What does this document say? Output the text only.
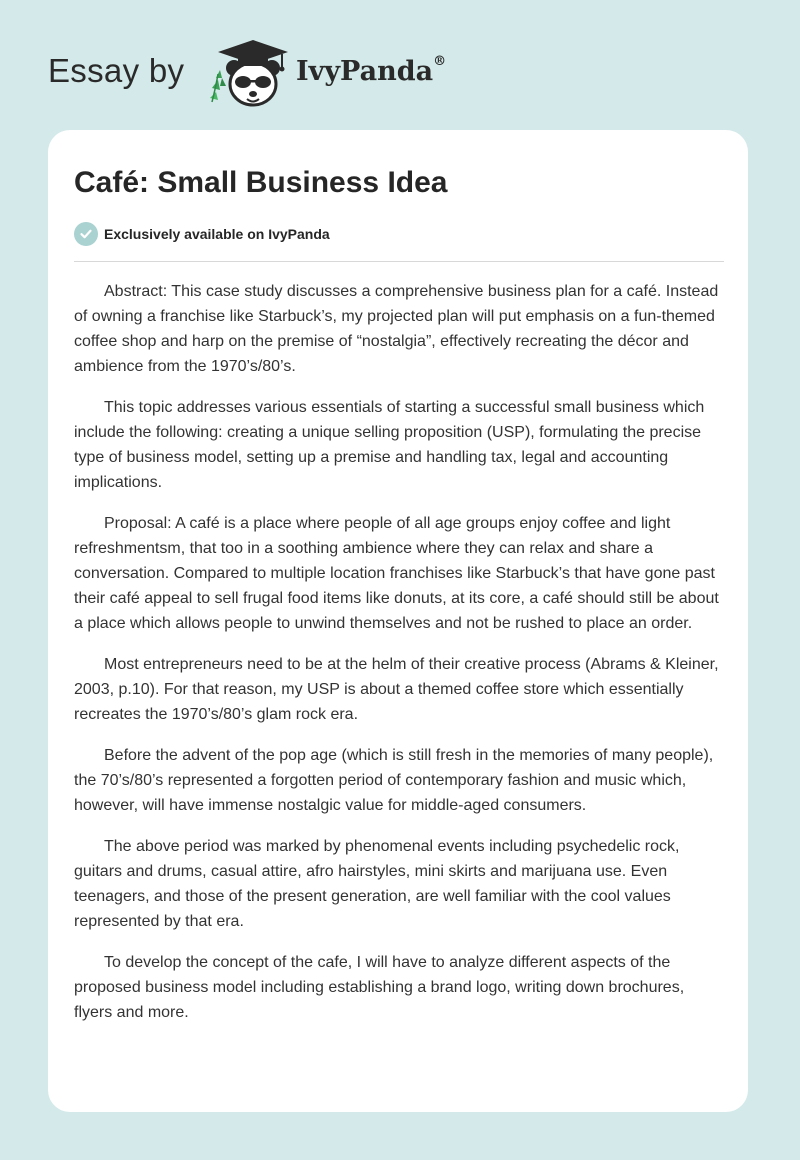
Essay by	IvyPanda®
Café: Small Business Idea
Exclusively available on IvyPanda

Abstract: This case study discusses a comprehensive business plan for a café. Instead of owning a franchise like Starbuck’s, my projected plan will put emphasis on a fun-themed coffee shop and harp on the premise of “nostalgia”, effectively recreating the décor and ambience from the 1970’s/80’s.

This topic addresses various essentials of starting a successful small business which include the following: creating a unique selling proposition (USP), formulating the precise type of business model, setting up a premise and handling tax, legal and accounting implications.

Proposal: A café is a place where people of all age groups enjoy coffee and light refreshmentsm, that too in a soothing ambience where they can relax and share a conversation. Compared to multiple location franchises like Starbuck’s that have gone past their café appeal to sell frugal food items like donuts, at its core, a café should still be about a place which allows people to unwind themselves and not be rushed to place an order.

Most entrepreneurs need to be at the helm of their creative process (Abrams & Kleiner, 2003, p.10). For that reason, my USP is about a themed coffee store which essentially recreates the 1970’s/80’s glam rock era.

Before the advent of the pop age (which is still fresh in the memories of many people), the 70’s/80’s represented a forgotten period of contemporary fashion and music which, however, will have immense nostalgic value for middle-aged consumers.

The above period was marked by phenomenal events including psychedelic rock, guitars and drums, casual attire, afro hairstyles, mini skirts and marijuana use. Even teenagers, and those of the present generation, are well familiar with the cool values represented by that era.

To develop the concept of the cafe, I will have to analyze different aspects of the proposed business model including establishing a brand logo, writing down brochures, flyers and more.
